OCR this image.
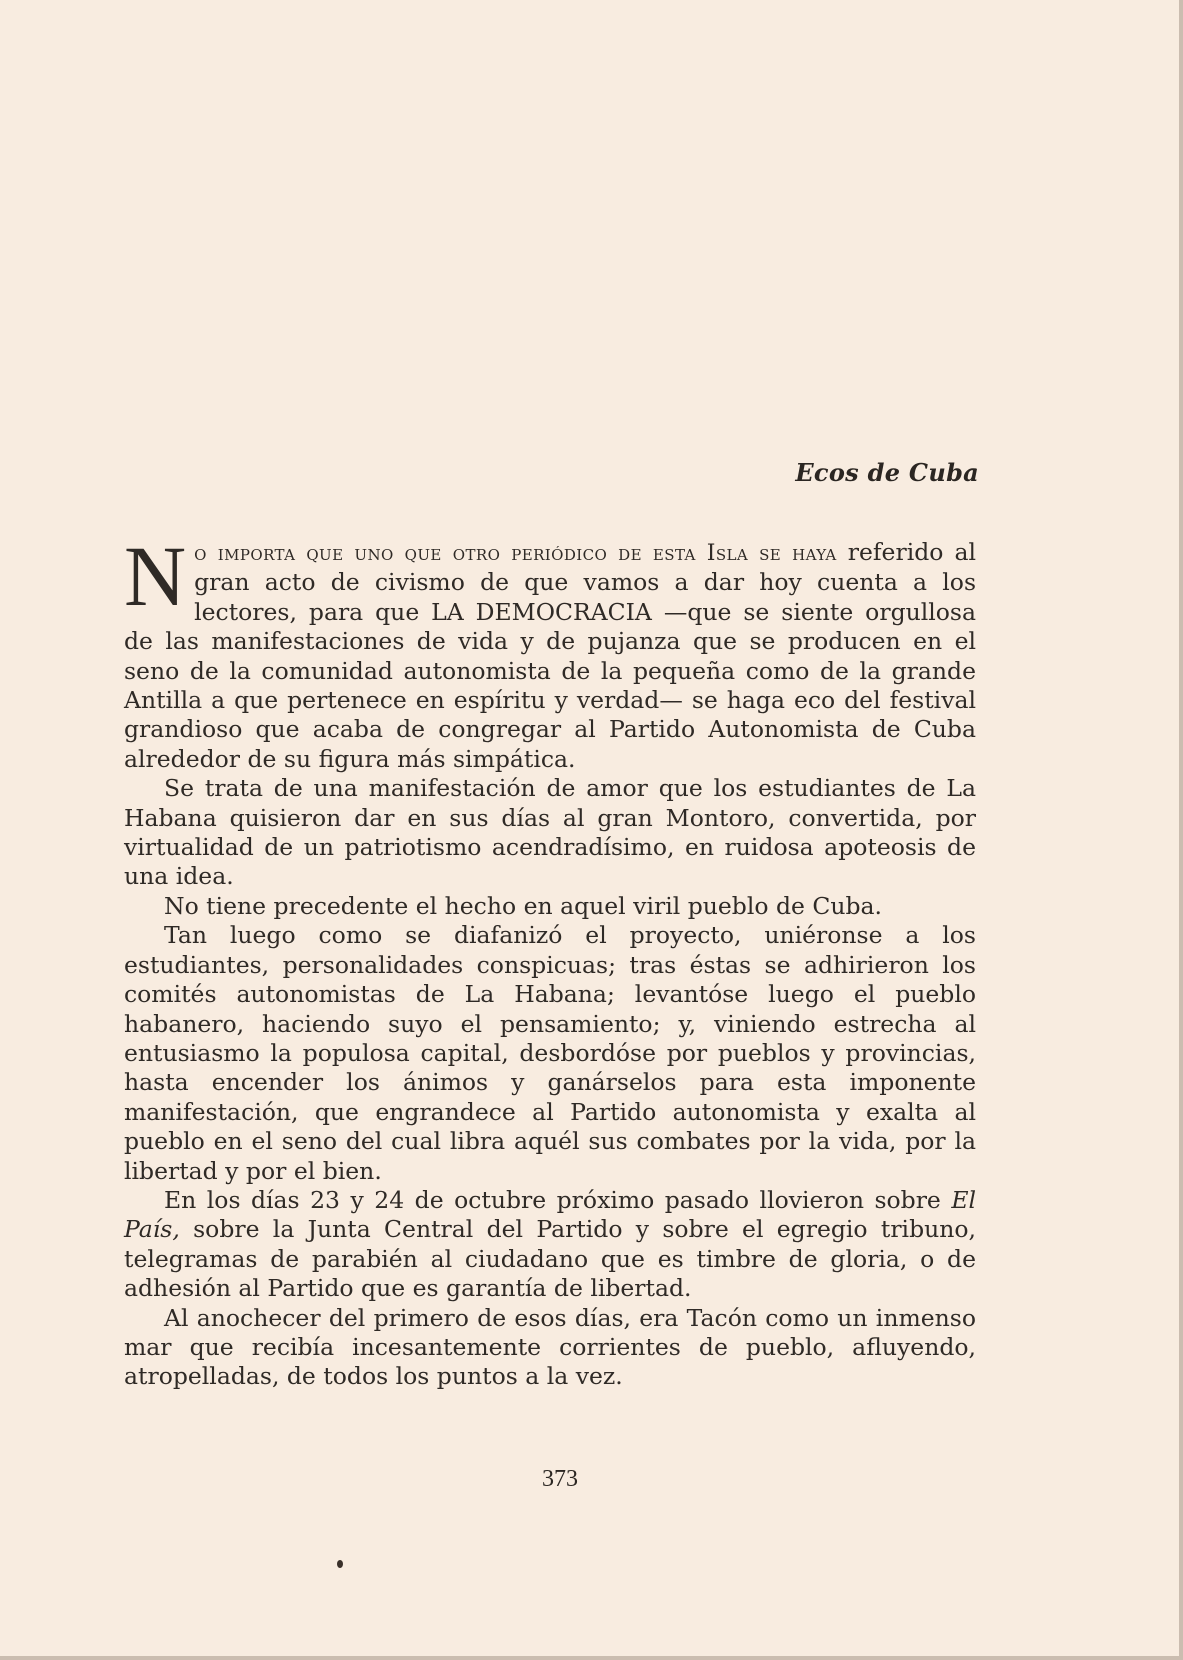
Ecos de Cuba

No importa que uno que otro periódico de esta Isla se haya referido al gran acto de civismo de que vamos a dar hoy cuenta a los lectores, para que LA DEMOCRACIA —que se siente orgullosa de las manifestaciones de vida y de pujanza que se producen en el seno de la comunidad autonomista de la pequeña como de la grande Antilla a que pertenece en espíritu y verdad— se haga eco del festival grandioso que acaba de congregar al Partido Autonomista de Cuba alrededor de su figura más simpática.

Se trata de una manifestación de amor que los estudiantes de La Habana quisieron dar en sus días al gran Montoro, convertida, por virtualidad de un patriotismo acendradísimo, en ruidosa apoteosis de una idea.

No tiene precedente el hecho en aquel viril pueblo de Cuba.

Tan luego como se diafanizó el proyecto, uniéronse a los estudiantes, personalidades conspicuas; tras éstas se adhirieron los comités autonomistas de La Habana; levantóse luego el pueblo habanero, haciendo suyo el pensamiento; y, viniendo estrecha al entusiasmo la populosa capital, desbordóse por pueblos y provincias, hasta encender los ánimos y ganárselos para esta imponente manifestación, que engrandece al Partido autonomista y exalta al pueblo en el seno del cual libra aquél sus combates por la vida, por la libertad y por el bien.

En los días 23 y 24 de octubre próximo pasado llovieron sobre El País, sobre la Junta Central del Partido y sobre el egregio tribuno, telegramas de parabién al ciudadano que es timbre de gloria, o de adhesión al Partido que es garantía de libertad.

Al anochecer del primero de esos días, era Tacón como un inmenso mar que recibía incesantemente corrientes de pueblo, afluyendo, atropelladas, de todos los puntos a la vez.

373
